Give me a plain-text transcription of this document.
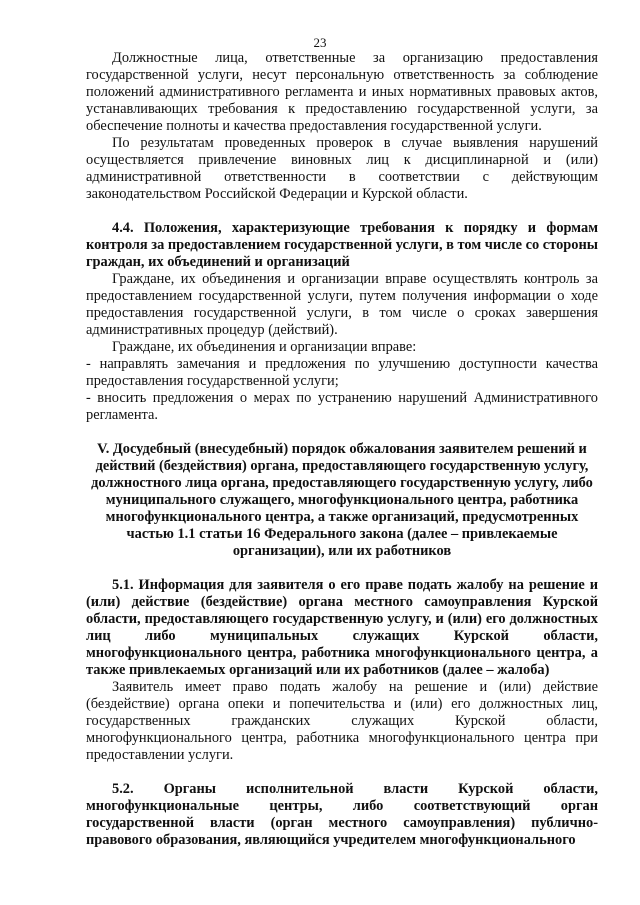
23

Должностные лица, ответственные за организацию предоставления государственной услуги, несут персональную ответственность за соблюдение положений административного регламента и иных нормативных правовых актов, устанавливающих требования к предоставлению государственной услуги, за обеспечение полноты и качества предоставления государственной услуги.

По результатам проведенных проверок в случае выявления нарушений осуществляется привлечение виновных лиц к дисциплинарной и (или) административной ответственности в соответствии с действующим законодательством Российской Федерации и Курской области.

4.4. Положения, характеризующие требования к порядку и формам контроля за предоставлением государственной услуги, в том числе со стороны граждан, их объединений и организаций

Граждане, их объединения и организации вправе осуществлять контроль за предоставлением государственной услуги, путем получения информации о ходе предоставления государственной услуги, в том числе о сроках завершения административных процедур (действий).

Граждане, их объединения и организации вправе:

- направлять замечания и предложения по улучшению доступности качества предоставления государственной услуги;

- вносить предложения о мерах по устранению нарушений Административного регламента.

V. Досудебный (внесудебный) порядок обжалования заявителем решений и действий (бездействия) органа, предоставляющего государственную услугу, должностного лица органа, предоставляющего государственную услугу, либо муниципального служащего, многофункционального центра, работника многофункционального центра, а также организаций, предусмотренных частью 1.1 статьи 16 Федерального закона (далее – привлекаемые организации), или их работников

5.1. Информация для заявителя о его праве подать жалобу на решение и (или) действие (бездействие) органа местного самоуправления Курской области, предоставляющего государственную услугу, и (или) его должностных лиц либо муниципальных служащих Курской области, многофункционального центра, работника многофункционального центра, а также привлекаемых организаций или их работников (далее – жалоба)

Заявитель имеет право подать жалобу на решение и (или) действие (бездействие) органа опеки и попечительства и (или) его должностных лиц, государственных гражданских служащих Курской области, многофункционального центра, работника многофункционального центра при предоставлении услуги.

5.2. Органы исполнительной власти Курской области, многофункциональные центры, либо соответствующий орган государственной власти (орган местного самоуправления) публично-правового образования, являющийся учредителем многофункционального
